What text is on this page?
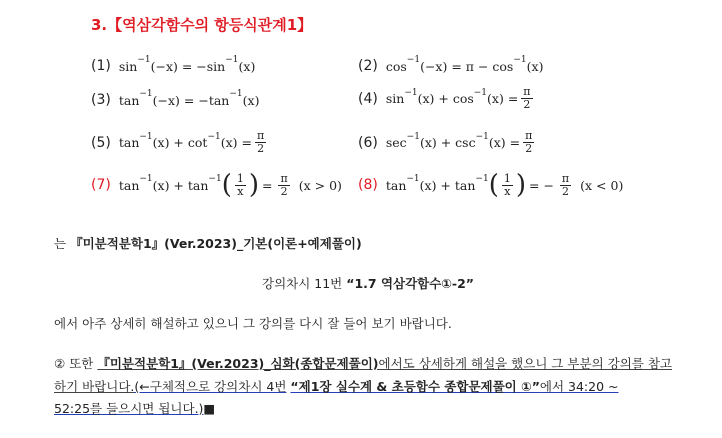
3.【역삼각함수의 항등식관계1】
(1) sin −1 (−x) = −sin −1 (x)	(2) cos −1 (−x) = π − cos −1 (x)
(3) tan −1 (−x) = −tan −1 (x)	(4) sin −1 (x) + cos −1 $(x) = \frac{\pi}{2}$
(5) tan −1 (x) + cot −1 $(x) = \frac{\pi}{2}$	(6) sec −1 (x) + csc −1 $(x) = \frac{\pi}{2}$
(7) tan −1 (x) + tan −1 ( $\frac{1}{x}$ ) = $\frac{\pi}{2} (x > 0)$ (8) tan −1 (x) + tan −1 ( $\frac{1}{x}$ ) = − $\frac{\pi}{2} (x < 0)$
는 『미분적분학1』(Ver.2023)_기본(이론+예제풀이)
강의차시 11번 “1.7 역삼각함수①-2”
에서 아주 상세히 해설하고 있으니 그 강의를 다시 잘 들어 보기 바랍니다.
② 또한 『미분적분학1』(Ver.2023)_심화(종합문제풀이)에서도 상세하게 해설을 했으니 그 부분의 강의를 참고
하기 바랍니다.(←구체적으로 강의차시 4번 “제1장 실수계 & 초등함수 종합문제풀이 ①”에서 34:20 ~
52:25를 들으시면 됩니다.)■
